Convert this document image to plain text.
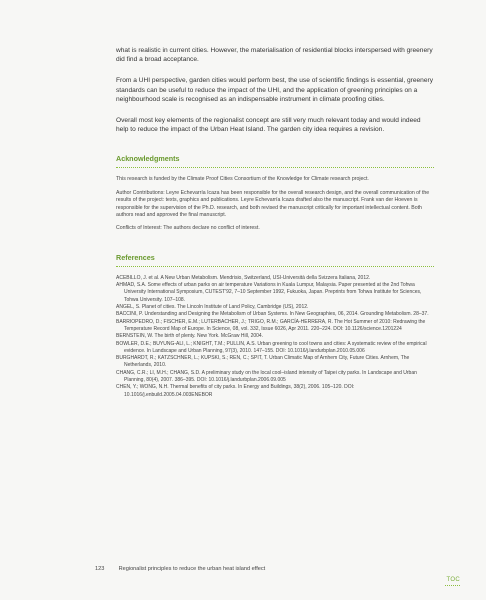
what is realistic in current cities. However, the materialisation of residential blocks interspersed with greenery did find a broad acceptance.

From a UHI perspective, garden cities would perform best, the use of scientific findings is essential, greenery standards can be useful to reduce the impact of the UHI, and the application of greening principles on a neighbourhood scale is recognised as an indispensable instrument in climate proofing cities.

Overall most key elements of the regionalist concept are still very much relevant today and would indeed help to reduce the impact of the Urban Heat Island. The garden city idea requires a revision.

Acknowledgments

This research is funded by the Climate Proof Cities Consortium of the Knowledge for Climate research project.

Author Contributions: Leyre Echevarría Icaza has been responsible for the overall research design, and the overall communication of the results of the project: texts, graphics and publications. Leyre Echevarría Icaza drafted also the manuscript. Frank van der Hoeven is responsible for the supervision of the Ph.D. research, and both revised the manuscript critically for important intellectual content. Both authors read and approved the final manuscript.

Conflicts of Interest: The authors declare no conflict of interest.

References
ACEBILLO, J. et al. A New Urban Metabolism. Mendrisio, Switzerland, USI-Università della Svizzera Italiana, 2012.
AHMAD, S.A. Some effects of urban parks on air temperature Variations in Kuala Lumpur, Malaysia. Paper presented at the 2nd Tohwa University International Symposium, CUTEST'92, 7–10 September 1992, Fukuoka, Japan. Preprints from Tohwa Institute for Sciences, Tohwa University. 107–108.
ANGEL, S. Planet of cities. The Lincoln Institute of Land Policy, Cambridge (US), 2012.
BACCINI, P. Understanding and Designing the Metabolism of Urban Systems. In New Geographies, 06, 2014. Grounding Metabolism. 28–37.
BARRIOPEDRO, D.; FISCHER, E.M.; LUTERBACHER, J.; TRIGO, R.M.; GARCÍA-HERRERA, R. The Hot Summer of 2010: Redrawing the Temperature Record Map of Europe. In Science, 08, vol. 332, Issue 6026, Apr 2011. 220–224. DOI: 10.1126/science.1201224
BERNSTEIN, W. The birth of plenty. New York. McGraw Hill, 2004.
BOWLER, D.E.; BUYUNG-ALI, L.; KNIGHT, T.M.; PULLIN, A.S. Urban greening to cool towns and cities: A systematic review of the empirical evidence. In Landscape and Urban Planning, 97(3), 2010. 147–155. DOI: 10.1016/j.landurbplan.2010.05.006
BURGHARDT, R.; KATZSCHNER, L.; KUPSKI, S.; REN, C.; SPIT, T. Urban Climatic Map of Arnhem City, Future Cities. Arnhem, The Netherlands, 2010.
CHANG, C.R.; LI, M.H.; CHANG, S.D. A preliminary study on the local cool–island intensity of Taipei city parks. In Landscape and Urban Planning, 80(4), 2007. 386–395. DOI: 10.1016/j.landurbplan.2006.09.005
CHEN, Y.; WONG, N.H. Thermal benefits of city parks. In Energy and Buildings, 38(2), 2006. 105–120. DOI: 10.1016/j.enbuild.2005.04.003ENEBOR
123	Regionalist principles to reduce the urban heat island effect
TOC
